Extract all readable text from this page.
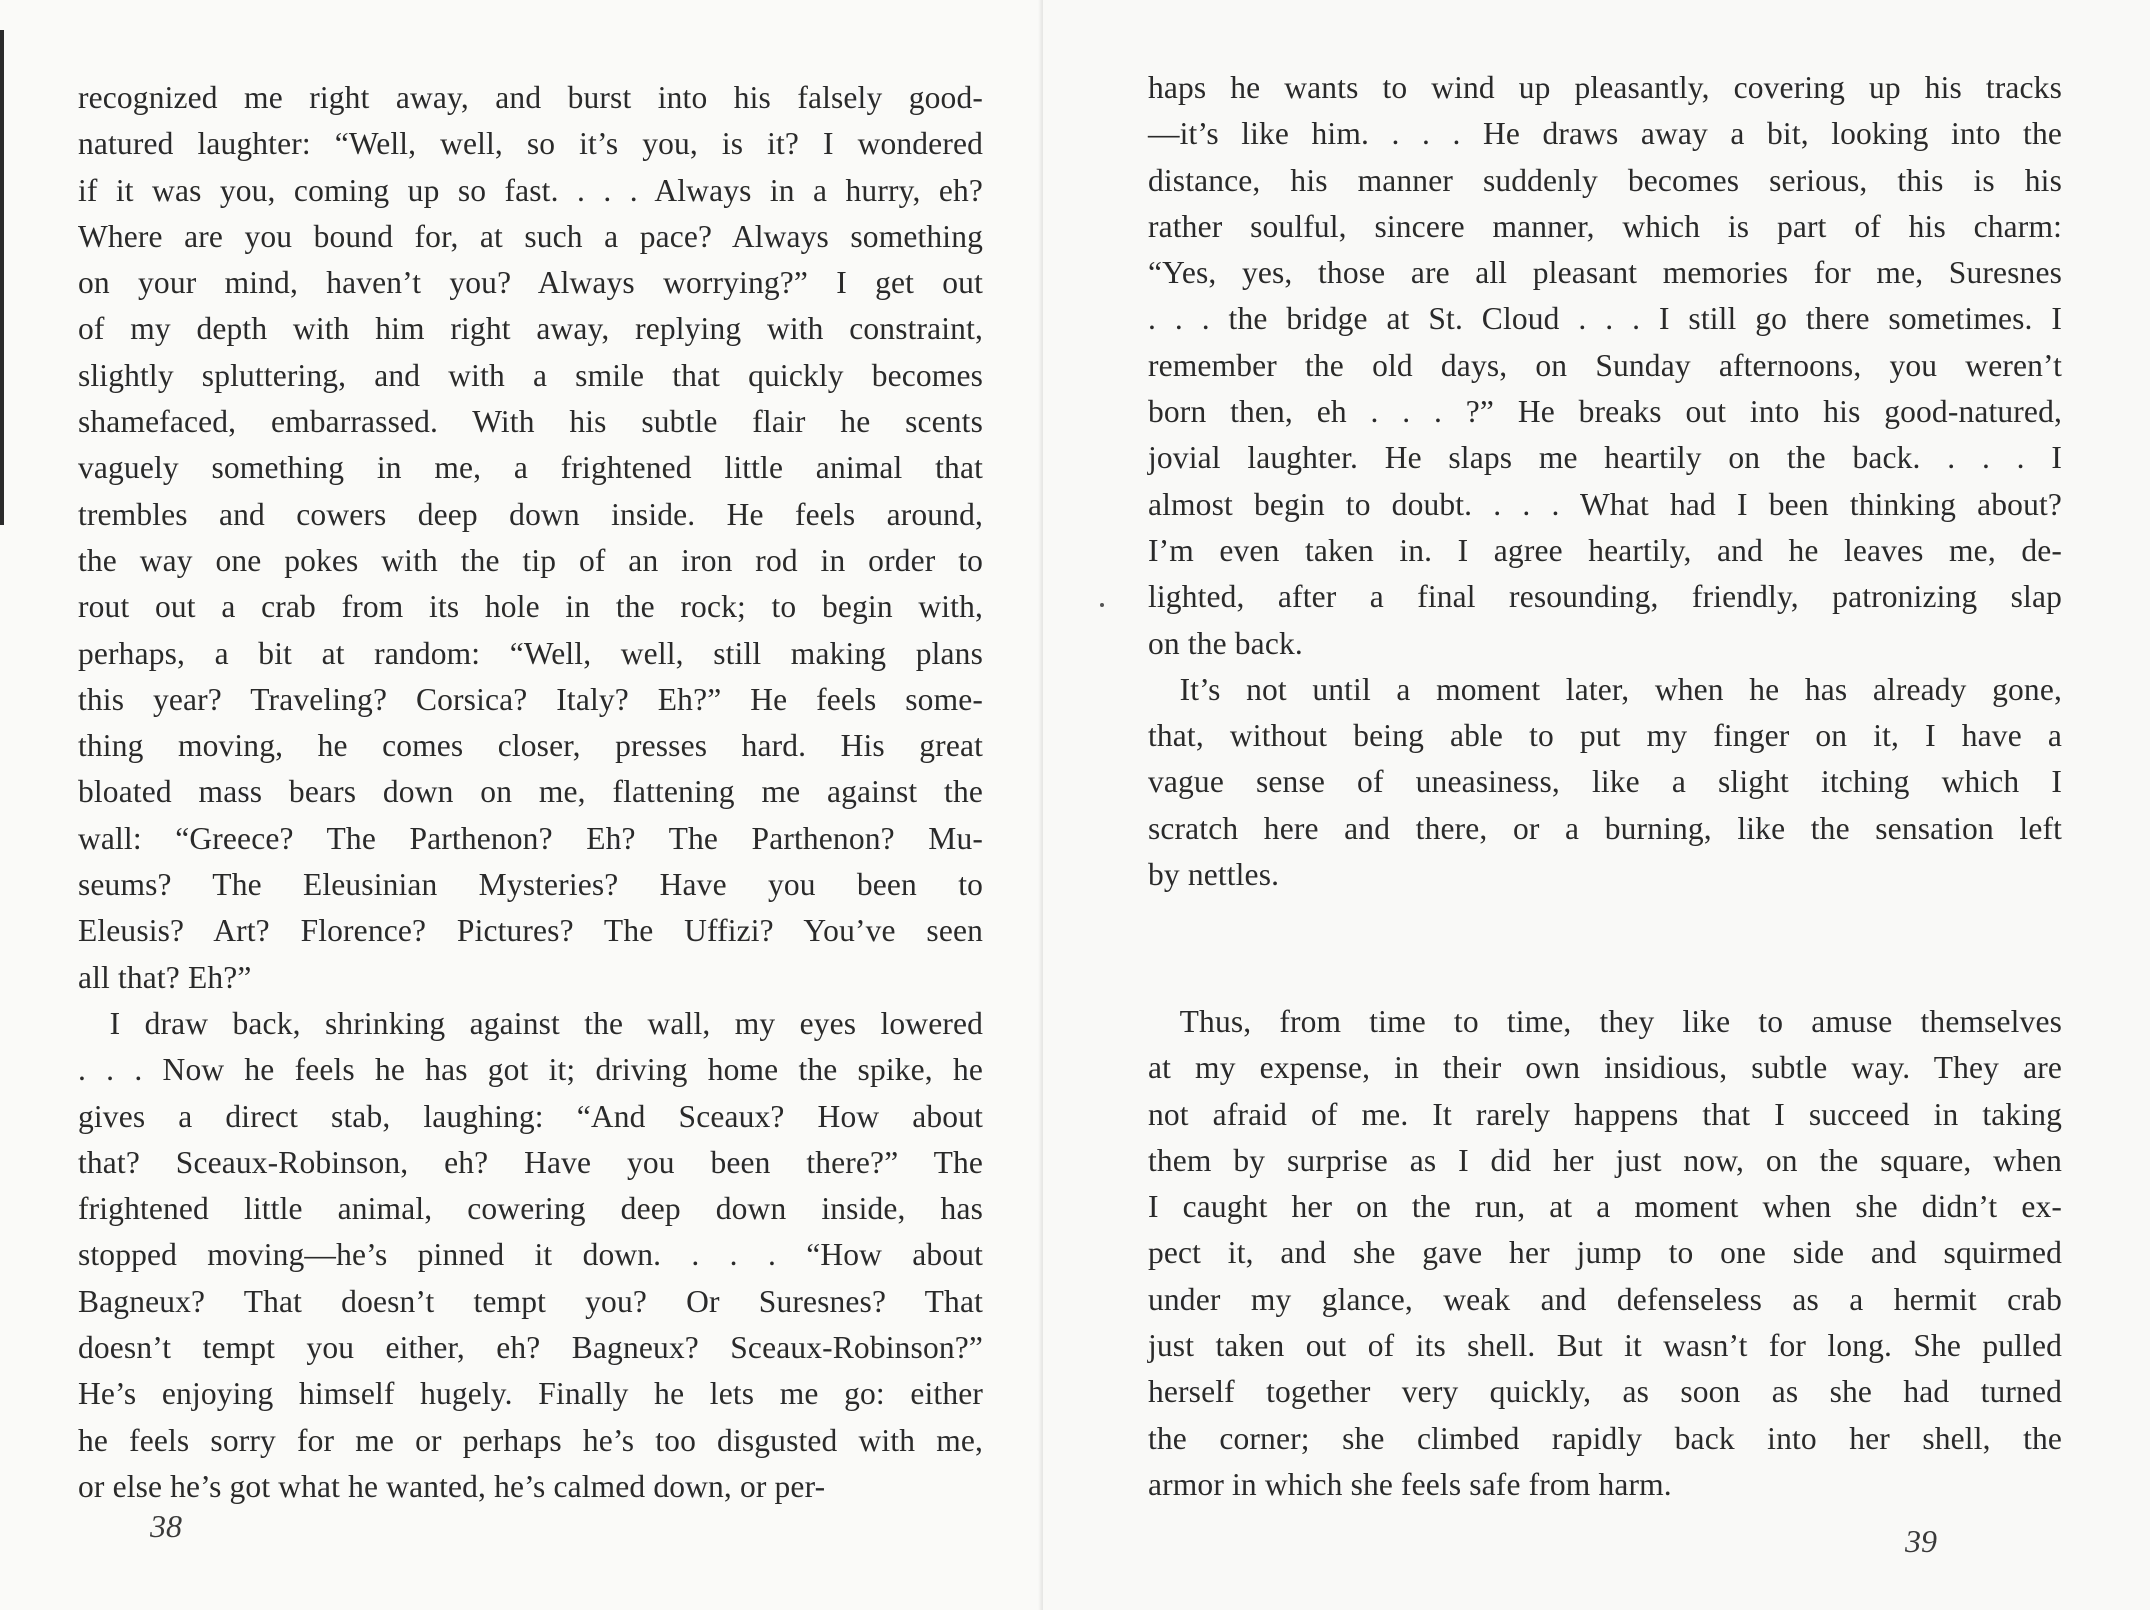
recognized me right away, and burst into his falsely good-
natured laughter: “Well, well, so it’s you, is it? I wondered
if it was you, coming up so fast. . . . Always in a hurry, eh?
Where are you bound for, at such a pace? Always something
on your mind, haven’t you? Always worrying?” I get out
of my depth with him right away, replying with constraint,
slightly spluttering, and with a smile that quickly becomes
shamefaced, embarrassed. With his subtle flair he scents
vaguely something in me, a frightened little animal that
trembles and cowers deep down inside. He feels around,
the way one pokes with the tip of an iron rod in order to
rout out a crab from its hole in the rock; to begin with,
perhaps, a bit at random: “Well, well, still making plans
this year? Traveling? Corsica? Italy? Eh?” He feels some-
thing moving, he comes closer, presses hard. His great
bloated mass bears down on me, flattening me against the
wall: “Greece? The Parthenon? Eh? The Parthenon? Mu-
seums? The Eleusinian Mysteries? Have you been to
Eleusis? Art? Florence? Pictures? The Uffizi? You’ve seen
all that? Eh?”
 I draw back, shrinking against the wall, my eyes lowered
. . . Now he feels he has got it; driving home the spike, he
gives a direct stab, laughing: “And Sceaux? How about
that? Sceaux-Robinson, eh? Have you been there?” The
frightened little animal, cowering deep down inside, has
stopped moving—he’s pinned it down. . . . “How about
Bagneux? That doesn’t tempt you? Or Suresnes? That
doesn’t tempt you either, eh? Bagneux? Sceaux-Robinson?”
He’s enjoying himself hugely. Finally he lets me go: either
he feels sorry for me or perhaps he’s too disgusted with me,
or else he’s got what he wanted, he’s calmed down, or per-
38
haps he wants to wind up pleasantly, covering up his tracks
—it’s like him. . . . He draws away a bit, looking into the
distance, his manner suddenly becomes serious, this is his
rather soulful, sincere manner, which is part of his charm:
“Yes, yes, those are all pleasant memories for me, Suresnes
. . . the bridge at St. Cloud . . . I still go there sometimes. I
remember the old days, on Sunday afternoons, you weren’t
born then, eh . . . ?” He breaks out into his good-natured,
jovial laughter. He slaps me heartily on the back. . . . I
almost begin to doubt. . . . What had I been thinking about?
I’m even taken in. I agree heartily, and he leaves me, de-
lighted, after a final resounding, friendly, patronizing slap
on the back.
 It’s not until a moment later, when he has already gone,
that, without being able to put my finger on it, I have a
vague sense of uneasiness, like a slight itching which I
scratch here and there, or a burning, like the sensation left
by nettles.
 Thus, from time to time, they like to amuse themselves
at my expense, in their own insidious, subtle way. They are
not afraid of me. It rarely happens that I succeed in taking
them by surprise as I did her just now, on the square, when
I caught her on the run, at a moment when she didn’t ex-
pect it, and she gave her jump to one side and squirmed
under my glance, weak and defenseless as a hermit crab
just taken out of its shell. But it wasn’t for long. She pulled
herself together very quickly, as soon as she had turned
the corner; she climbed rapidly back into her shell, the
armor in which she feels safe from harm.
39
